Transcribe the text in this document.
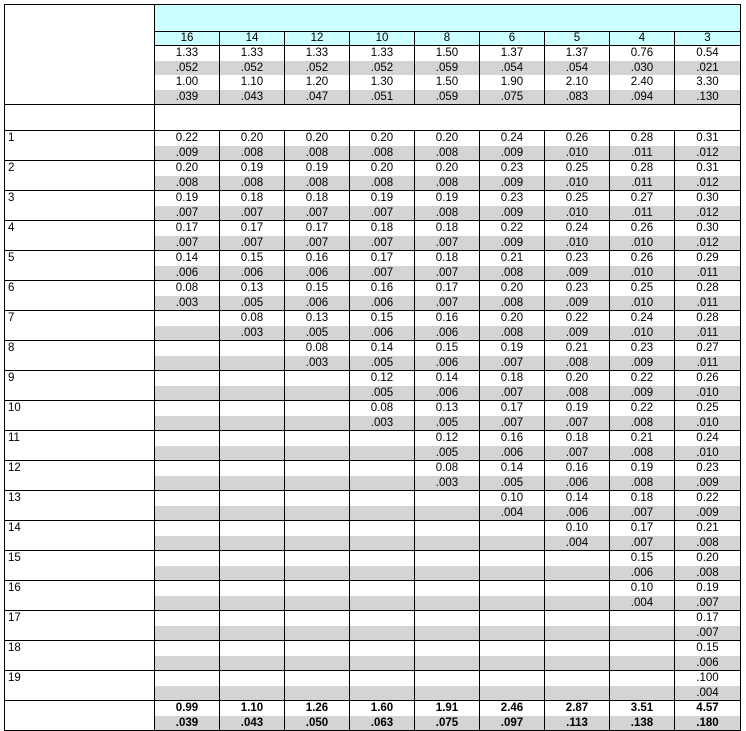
	16	14	12	10	8	6	5	4	3
	1.33	1.33	1.33	1.33	1.50	1.37	1.37	0.76	0.54
	.052	.052	.052	.052	.059	.054	.054	.030	.021
	1.00	1.10	1.20	1.30	1.50	1.90	2.10	2.40	3.30
	.039	.043	.047	.051	.059	.075	.083	.094	.130

1	0.22	0.20	0.20	0.20	0.20	0.24	0.26	0.28	0.31
	.009	.008	.008	.008	.008	.009	.010	.011	.012
2	0.20	0.19	0.19	0.20	0.20	0.23	0.25	0.28	0.31
	.008	.008	.008	.008	.008	.009	.010	.011	.012
3	0.19	0.18	0.18	0.19	0.19	0.23	0.25	0.27	0.30
	.007	.007	.007	.007	.008	.009	.010	.011	.012
4	0.17	0.17	0.17	0.18	0.18	0.22	0.24	0.26	0.30
	.007	.007	.007	.007	.007	.009	.010	.010	.012
5	0.14	0.15	0.16	0.17	0.18	0.21	0.23	0.26	0.29
	.006	.006	.006	.007	.007	.008	.009	.010	.011
6	0.08	0.13	0.15	0.16	0.17	0.20	0.23	0.25	0.28
	.003	.005	.006	.006	.007	.008	.009	.010	.011
7		0.08	0.13	0.15	0.16	0.20	0.22	0.24	0.28
		.003	.005	.006	.006	.008	.009	.010	.011
8			0.08	0.14	0.15	0.19	0.21	0.23	0.27
			.003	.005	.006	.007	.008	.009	.011
9				0.12	0.14	0.18	0.20	0.22	0.26
				.005	.006	.007	.008	.009	.010
10				0.08	0.13	0.17	0.19	0.22	0.25
				.003	.005	.007	.007	.008	.010
11					0.12	0.16	0.18	0.21	0.24
					.005	.006	.007	.008	.010
12					0.08	0.14	0.16	0.19	0.23
					.003	.005	.006	.008	.009
13						0.10	0.14	0.18	0.22
						.004	.006	.007	.009
14							0.10	0.17	0.21
							.004	.007	.008
15								0.15	0.20
								.006	.008
16								0.10	0.19
								.004	.007
17									0.17
									.007
18									0.15
									.006
19									.100
									.004
	0.99	1.10	1.26	1.60	1.91	2.46	2.87	3.51	4.57
	.039	.043	.050	.063	.075	.097	.113	.138	.180
